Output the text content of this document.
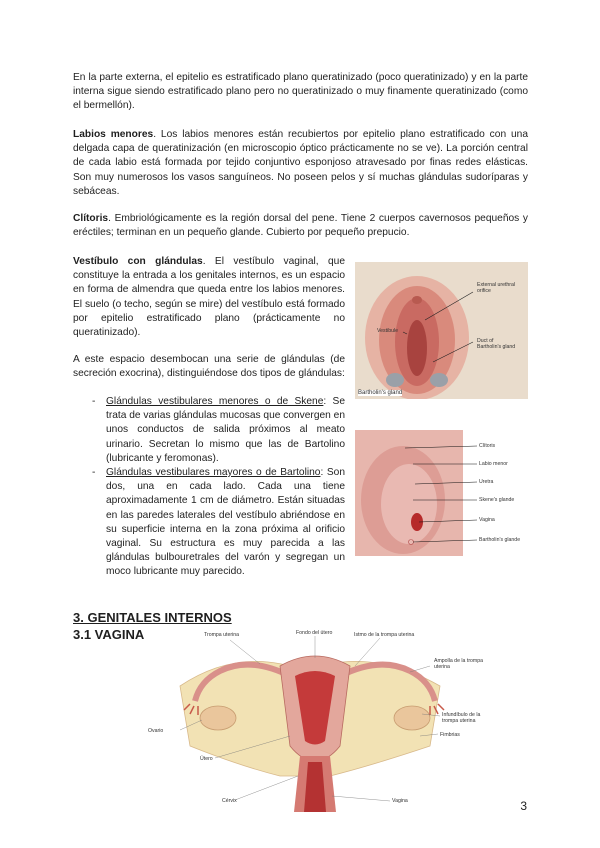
En la parte externa, el epitelio es estratificado plano queratinizado (poco queratinizado) y en la parte interna sigue siendo estratificado plano pero no queratinizado o muy finamente queratinizado (como el bermellón).

Labios menores. Los labios menores están recubiertos por epitelio plano estratificado con una delgada capa de queratinización (en microscopio óptico prácticamente no se ve). La porción central de cada labio está formada por tejido conjuntivo esponjoso atravesado por finas redes elásticas. Son muy numerosos los vasos sanguíneos. No poseen pelos y sí muchas glándulas sudoríparas y sebáceas.

Clítoris. Embriológicamente es la región dorsal del pene. Tiene 2 cuerpos cavernosos pequeños y eréctiles; terminan en un pequeño glande. Cubierto por pequeño prepucio.

Vestíbulo con glándulas. El vestíbulo vaginal, que constituye la entrada a los genitales internos, es un espacio en forma de almendra que queda entre los labios menores. El suelo (o techo, según se mire) del vestíbulo está formado por epitelio estratificado plano (prácticamente no queratinizado).

A este espacio desembocan una serie de glándulas (de secreción exocrina), distinguiéndose dos tipos de glándulas:

- Glándulas vestibulares menores o de Skene: Se trata de varias glándulas mucosas que convergen en unos conductos de salida próximos al meato urinario. Secretan lo mismo que las de Bartolino (lubricante y feromonas).
- Glándulas vestibulares mayores o de Bartolino: Son dos, una en cada lado. Cada una tiene aproximadamente 1 cm de diámetro. Están situadas en las paredes laterales del vestíbulo abriéndose en su superficie interna en la zona próxima al orificio vaginal. Su estructura es muy parecida a las glándulas bulbouretrales del varón y segregan un moco lubricante muy parecido.
External urethral orifice
Vestibule
Duct of Bartholin's gland
Bartholin's gland
Clítoris
Labio menor
Uretra
Skene's glande
Vagina
Bartholin's glande
3. GENITALES INTERNOS
3.1 VAGINA	Trompa uterina	Fondo del útero	Istmo de la trompa uterina
Ampolla de la trompa uterina
Ovario
Infundíbulo de la trompa uterina
Fimbrias
Útero
Cérvix	Vagina	3
